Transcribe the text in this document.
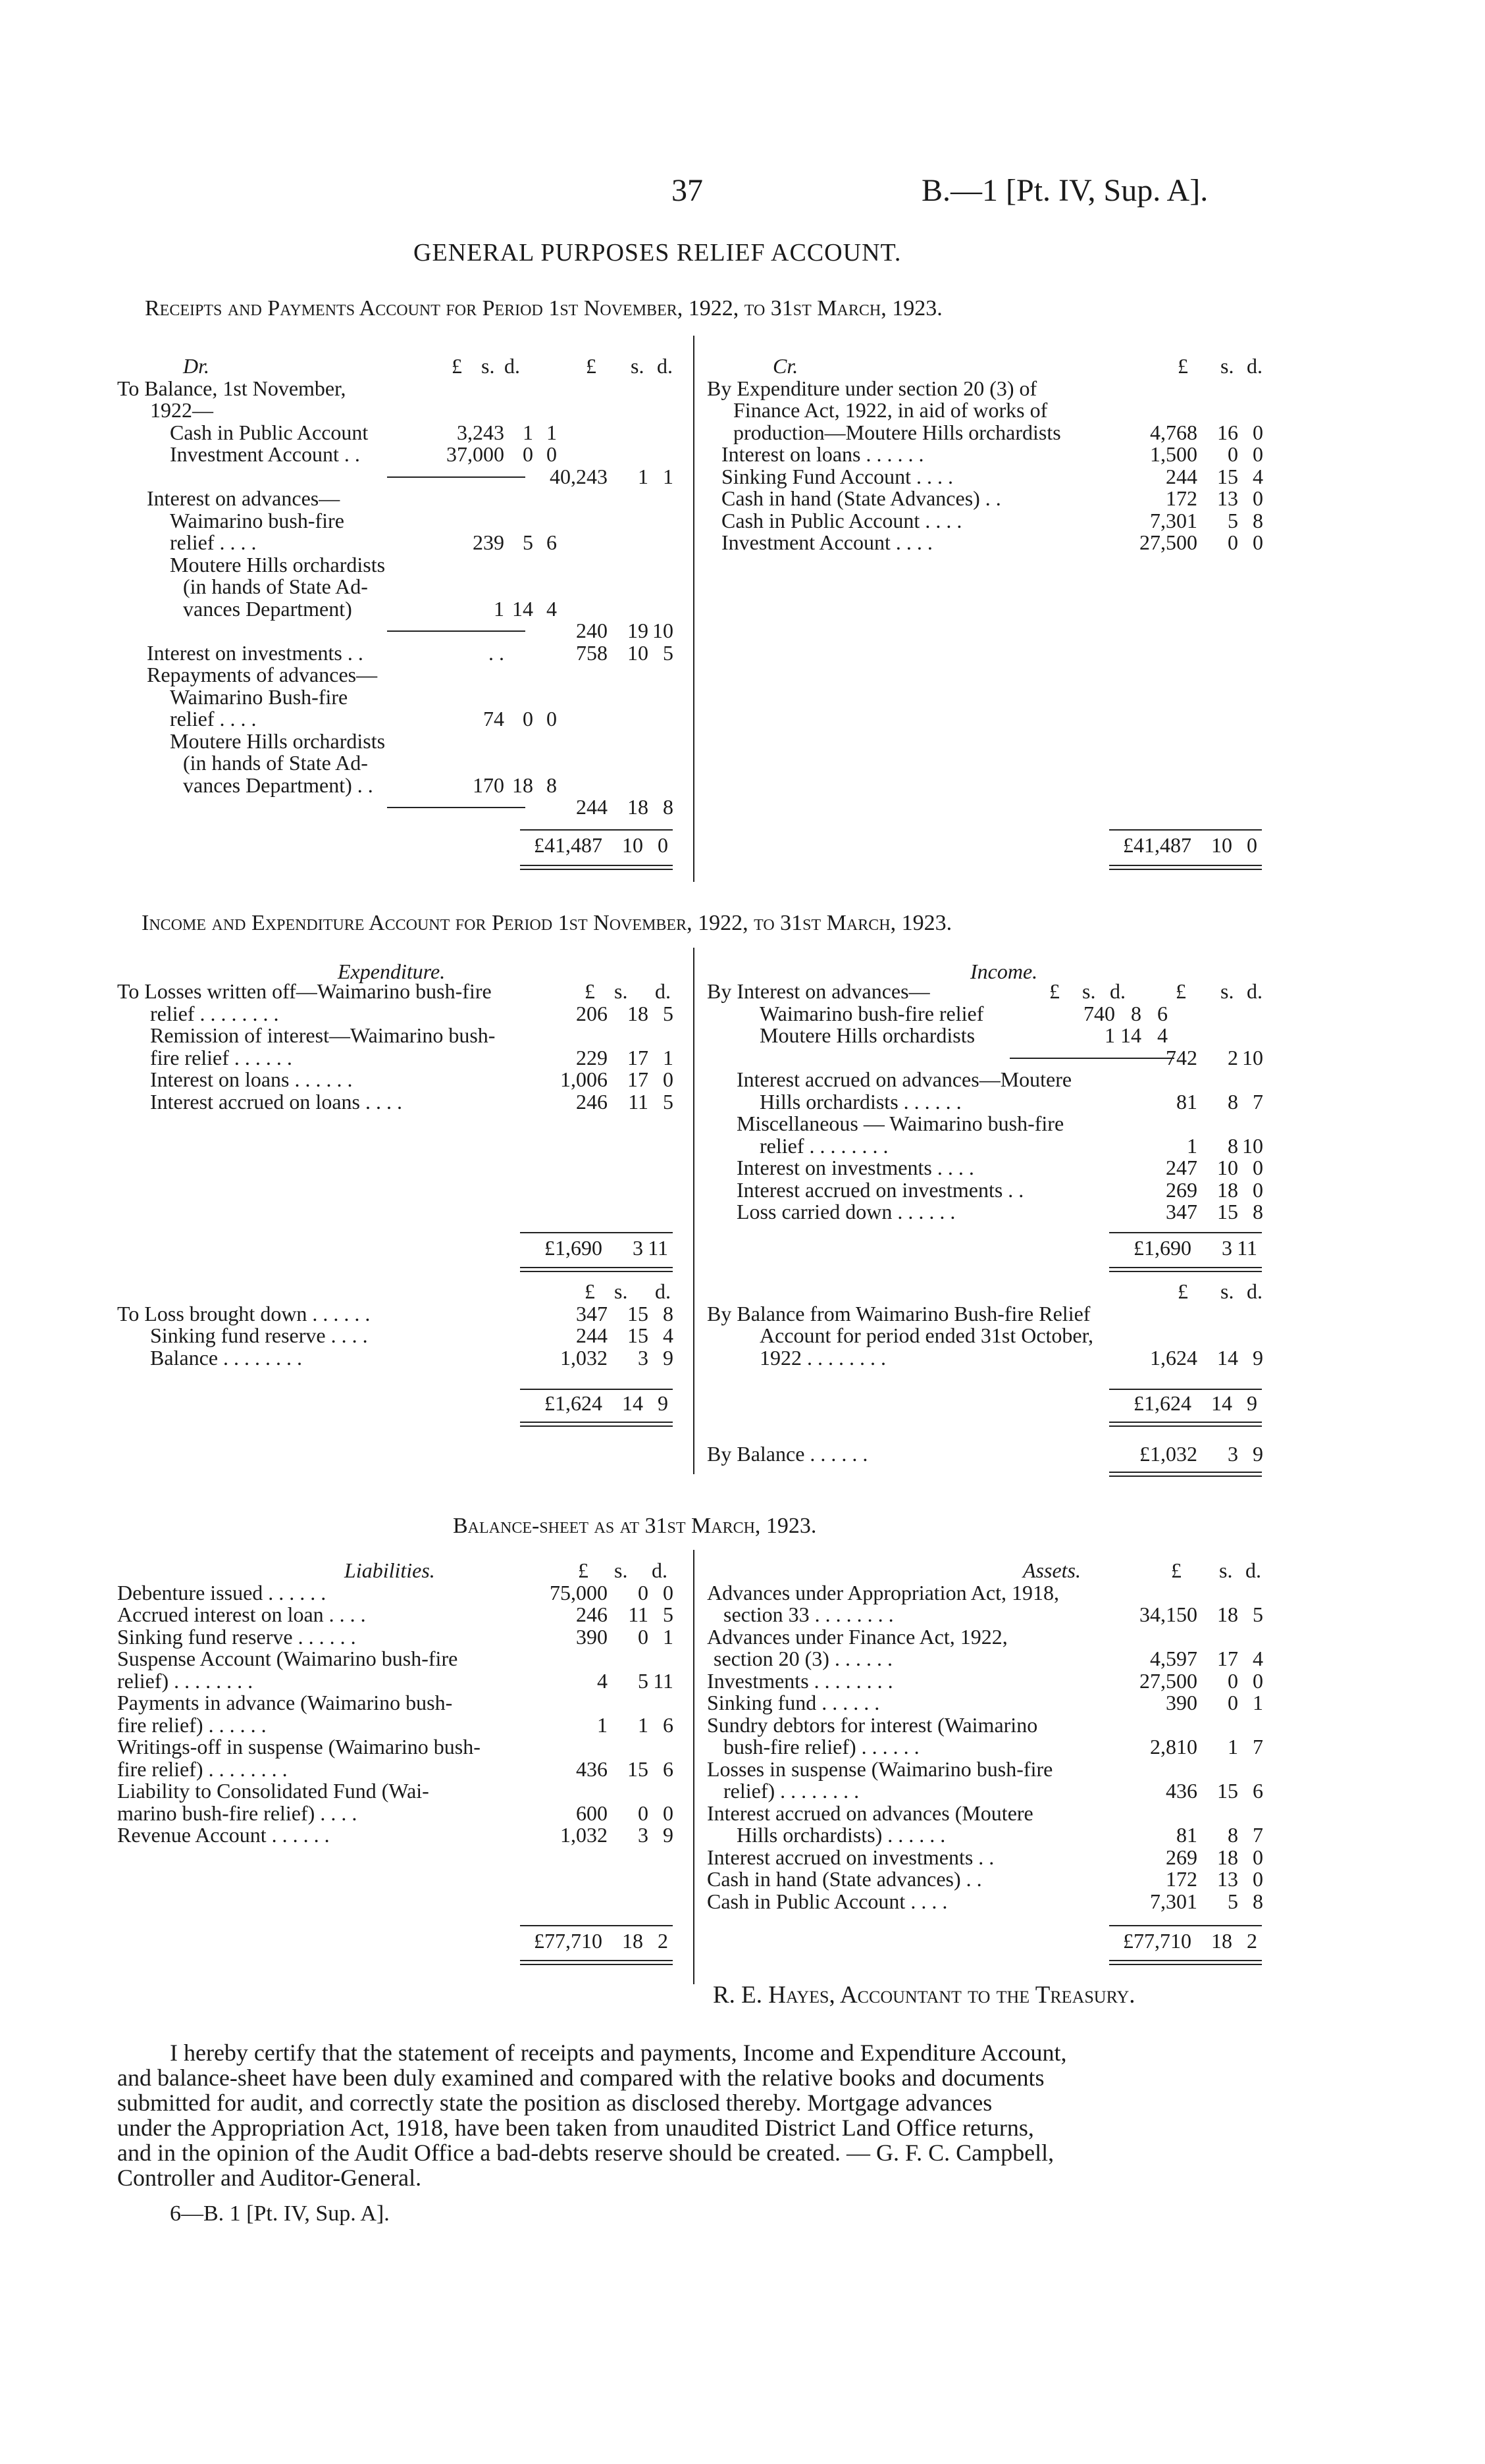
37	B.—1 [Pt. IV, Sup. A].
GENERAL PURPOSES RELIEF ACCOUNT.
Receipts and Payments Account for Period 1st November, 1922, to 31st March, 1923.
Dr.	£ s. d.	£ s. d.
To Balance, 1st November,
1922—
Cash in Public Account	3,243 1 1
Investment Account . .	37,000 0 0
40,243 1 1
Interest on advances—
Waimarino bush-fire
relief . . . .	239 5 6
Moutere Hills orchardists
(in hands of State Ad-
vances Department)	1 14 4
240 19 10
Interest on investments . .	. .	758 10 5
Repayments of advances—
Waimarino Bush-fire
relief . . . .	74 0 0
Moutere Hills orchardists
(in hands of State Ad-
vances Department) . .	170 18 8
244 18 8
Cr.	£ s. d.
By Expenditure under section 20 (3) of
Finance Act, 1922, in aid of works of
production—Moutere Hills orchardists	4,768 16 0
Interest on loans . . . . . .	1,500 0 0
Sinking Fund Account . . . .	244 15 4
Cash in hand (State Advances) . .	172 13 0
Cash in Public Account . . . .	7,301 5 8
Investment Account . . . .	27,500 0 0
£41,487 10 0	£41,487 10 0
Income and Expenditure Account for Period 1st November, 1922, to 31st March, 1923.
Expenditure.
£ s. d.
To Losses written off—Waimarino bush-fire
relief . . . . . . . .	206 18 5
Remission of interest—Waimarino bush-
fire relief . . . . . .	229 17 1
Interest on loans . . . . . .	1,006 17 0
Interest accrued on loans . . . .	246 11 5
Income.
£ s. d. £ s. d.
By Interest on advances—
Waimarino bush-fire relief	740 8 6
Moutere Hills orchardists	1 14 4
742 2 10
Interest accrued on advances—Moutere
Hills orchardists . . . . . .	81 8 7
Miscellaneous — Waimarino bush-fire
relief . . . . . . . .	1 8 10
Interest on investments . . . .	247 10 0
Interest accrued on investments . .	269 18 0
Loss carried down . . . . . .	347 15 8
£1,690 3 11	£1,690 3 11
£ s. d.
To Loss brought down . . . . . .	347 15 8
Sinking fund reserve . . . .	244 15 4
Balance . . . . . . . .	1,032 3 9
£ s. d.
By Balance from Waimarino Bush-fire Relief
Account for period ended 31st October,
1922 . . . . . . . .	1,624 14 9
£1,624 14 9	£1,624 14 9
By Balance . . . . . .	£1,032 3 9
Balance-sheet as at 31st March, 1923.
Liabilities.	£ s. d.
Debenture issued . . . . . .	75,000 0 0
Accrued interest on loan . . . .	246 11 5
Sinking fund reserve . . . . . .	390 0 1
Suspense Account (Waimarino bush-fire
relief) . . . . . . . .	4 5 11
Payments in advance (Waimarino bush-
fire relief) . . . . . .	1 1 6
Writings-off in suspense (Waimarino bush-
fire relief) . . . . . . . .	436 15 6
Liability to Consolidated Fund (Wai-
marino bush-fire relief) . . . .	600 0 0
Revenue Account . . . . . .	1,032 3 9
Assets.	£ s. d.
Advances under Appropriation Act, 1918,
section 33 . . . . . . . .	34,150 18 5
Advances under Finance Act, 1922,
section 20 (3) . . . . . .	4,597 17 4
Investments . . . . . . . .	27,500 0 0
Sinking fund . . . . . .	390 0 1
Sundry debtors for interest (Waimarino
bush-fire relief) . . . . . .	2,810 1 7
Losses in suspense (Waimarino bush-fire
relief) . . . . . . . .	436 15 6
Interest accrued on advances (Moutere
Hills orchardists) . . . . . .	81 8 7
Interest accrued on investments . .	269 18 0
Cash in hand (State advances) . .	172 13 0
Cash in Public Account . . . .	7,301 5 8
£77,710 18 2	£77,710 18 2
R. E. Hayes, Accountant to the Treasury.
I hereby certify that the statement of receipts and payments, Income and Expenditure Account,
and balance-sheet have been duly examined and compared with the relative books and documents
submitted for audit, and correctly state the position as disclosed thereby. Mortgage advances
under the Appropriation Act, 1918, have been taken from unaudited District Land Office returns,
and in the opinion of the Audit Office a bad-debts reserve should be created. — G. F. C. Campbell,
Controller and Auditor-General.
6—B. 1 [Pt. IV, Sup. A].
